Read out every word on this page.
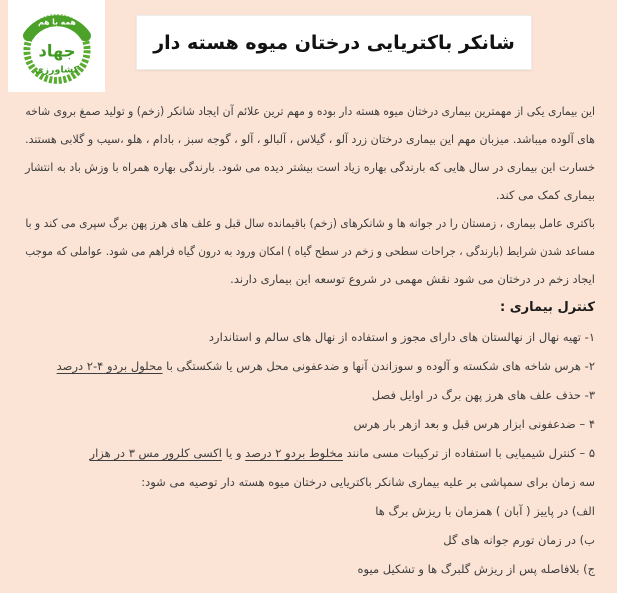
همه با هم
جهاد
کشاورزی
شانکر باکتریایی درختان میوه هسته دار
این بیماری یکی از مهمترین بیماری درختان میوه هسته دار بوده و مهم ترین علائم آن ایجاد شانکر (زخم) و تولید صمغ بروی شاخه
های آلوده میباشد. میزبان مهم این بیماری درختان زرد آلو ، گیلاس ، آلبالو ، آلو ، گوجه سبز ، بادام ، هلو ،سیب و گلابی هستند.
خسارت این بیماری در سال هایی که بارندگی بهاره زیاد است بیشتر دیده می شود. بارندگی بهاره همراه با وزش باد به انتشار
بیماری کمک می کند.
باکتری عامل بیماری ، زمستان را در جوانه ها و شانکرهای (زخم) باقیمانده سال قبل و علف های هرز پهن برگ سپری می کند و با
مساعد شدن شرایط (بارندگی ، جراحات سطحی و زخم در سطح گیاه ) امکان ورود به درون گیاه فراهم می شود. عواملی که موجب
ایجاد زخم در درختان می شود نقش مهمی در شروع توسعه این بیماری دارند.
کنترل بیماری :
۱- تهیه نهال از نهالستان های دارای مجوز و استفاده از نهال های سالم و استاندارد
۲- هرس شاخه های شکسته و آلوده و سوزاندن آنها و ضدعفونی محل هرس یا شکستگی با محلول بردو ۴-۲ درصد
۳- حذف علف های هرز پهن برگ در اوایل فصل
۴ – ضدعفونی ابزار هرس قبل و بعد ازهر بار هرس
۵ – کنترل شیمیایی با استفاده از ترکیبات مسی مانند مخلوط بردو ۲ درصد و یا اکسی کلرور مس ۳ در هزار
سه زمان برای سمپاشی بر علیه بیماری شانکر باکتریایی درختان میوه هسته دار توصیه می شود:
الف) در پاییز ( آبان ) همزمان با ریزش برگ ها
ب) در زمان تورم جوانه های گل
ج) بلافاصله پس از ریزش گلبرگ ها و تشکیل میوه
